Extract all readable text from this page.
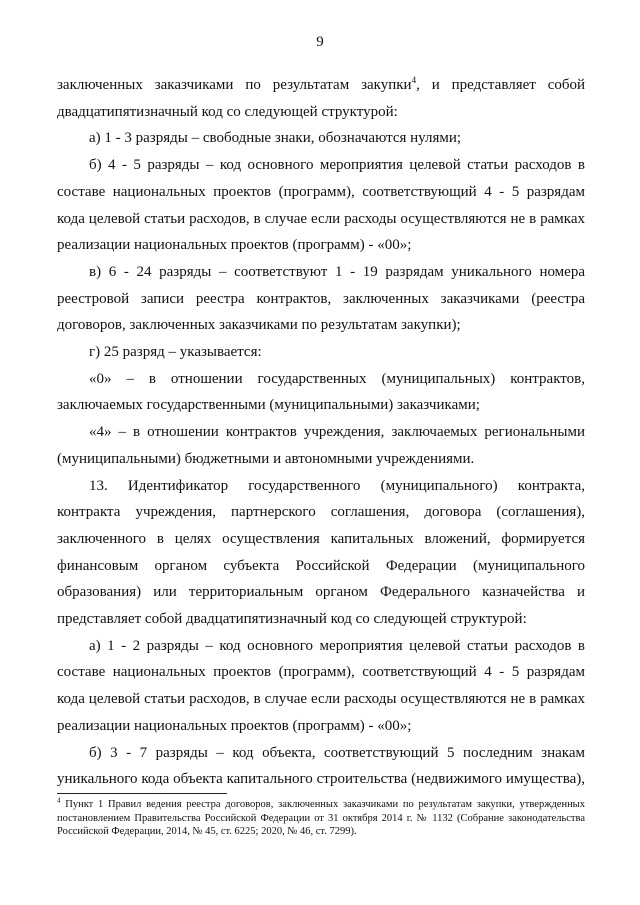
9

заключенных заказчиками по результатам закупки$^4$, и представляет собой двадцатипятизначный код со следующей структурой:

а) 1 - 3 разряды – свободные знаки, обозначаются нулями;

б) 4 - 5 разряды – код основного мероприятия целевой статьи расходов в составе национальных проектов (программ), соответствующий 4 - 5 разрядам кода целевой статьи расходов, в случае если расходы осуществляются не в рамках реализации национальных проектов (программ) - «00»;

в) 6 - 24 разряды – соответствуют 1 - 19 разрядам уникального номера реестровой записи реестра контрактов, заключенных заказчиками (реестра договоров, заключенных заказчиками по результатам закупки);

г) 25 разряд – указывается:

«0» – в отношении государственных (муниципальных) контрактов, заключаемых государственными (муниципальными) заказчиками;

«4» – в отношении контрактов учреждения, заключаемых региональными (муниципальными) бюджетными и автономными учреждениями.

13. Идентификатор государственного (муниципального) контракта, контракта учреждения, партнерского соглашения, договора (соглашения), заключенного в целях осуществления капитальных вложений, формируется финансовым органом субъекта Российской Федерации (муниципального образования) или территориальным органом Федерального казначейства и представляет собой двадцатипятизначный код со следующей структурой:

а) 1 - 2 разряды – код основного мероприятия целевой статьи расходов в составе национальных проектов (программ), соответствующий 4 - 5 разрядам кода целевой статьи расходов, в случае если расходы осуществляются не в рамках реализации национальных проектов (программ) - «00»;

б) 3 - 7 разряды – код объекта, соответствующий 5 последним знакам уникального кода объекта капитального строительства (недвижимого имущества),

$^4$ Пункт 1 Правил ведения реестра договоров, заключенных заказчиками по результатам закупки, утвержденных постановлением Правительства Российской Федерации от 31 октября 2014 г. № 1132 (Собрание законодательства Российской Федерации, 2014, № 45, ст. 6225; 2020, № 46, ст. 7299).
